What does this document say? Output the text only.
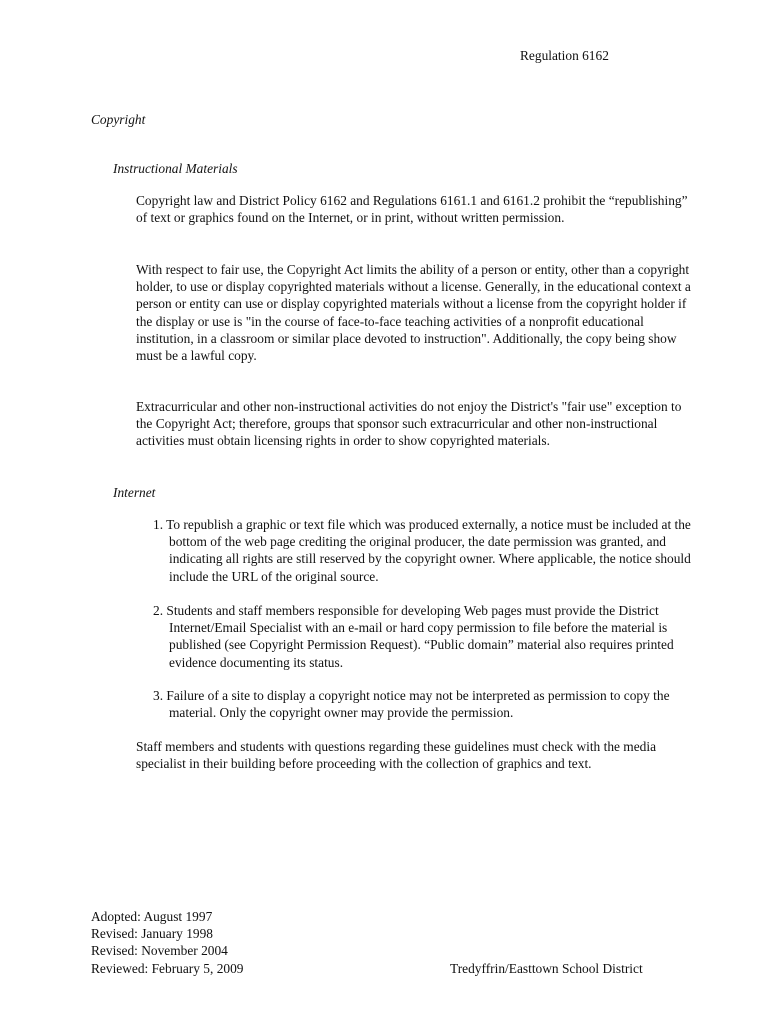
Regulation 6162
Copyright
Instructional Materials

Copyright law and District Policy 6162 and Regulations 6161.1 and 6161.2 prohibit the “republishing” of text or graphics found on the Internet, or in print, without written permission.

With respect to fair use, the Copyright Act limits the ability of a person or entity, other than a copyright holder, to use or display copyrighted materials without a license. Generally, in the educational context a person or entity can use or display copyrighted materials without a license from the copyright holder if the display or use is "in the course of face-to-face teaching activities of a nonprofit educational institution, in a classroom or similar place devoted to instruction". Additionally, the copy being show must be a lawful copy.

Extracurricular and other non-instructional activities do not enjoy the District's "fair use" exception to the Copyright Act; therefore, groups that sponsor such extracurricular and other non-instructional activities must obtain licensing rights in order to show copyrighted materials.

Internet

1. To republish a graphic or text file which was produced externally, a notice must be included at the bottom of the web page crediting the original producer, the date permission was granted, and indicating all rights are still reserved by the copyright owner. Where applicable, the notice should include the URL of the original source.

2. Students and staff members responsible for developing Web pages must provide the District Internet/Email Specialist with an e-mail or hard copy permission to file before the material is published (see Copyright Permission Request). “Public domain” material also requires printed evidence documenting its status.

3. Failure of a site to display a copyright notice may not be interpreted as permission to copy the material. Only the copyright owner may provide the permission.

Staff members and students with questions regarding these guidelines must check with the media specialist in their building before proceeding with the collection of graphics and text.

Adopted: August 1997
Revised: January 1998
Revised: November 2004
Reviewed: February 5, 2009	Tredyffrin/Easttown School District
